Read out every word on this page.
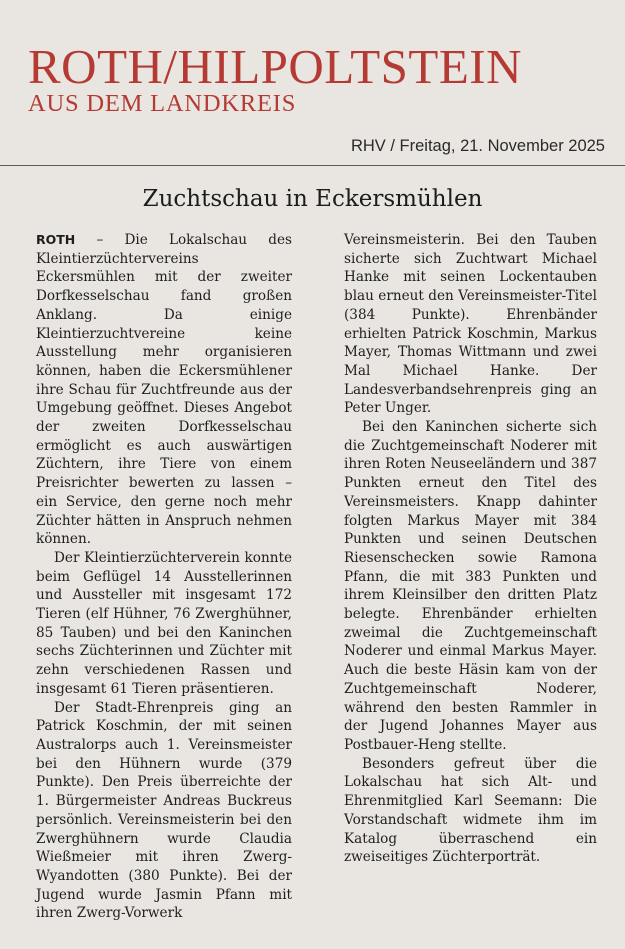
ROTH/HILPOLTSTEIN
AUS DEM LANDKREIS
RHV / Freitag, 21. November 2025
Zuchtschau in Eckersmühlen

ROTH – Die Lokalschau des Kleintierzüchtervereins Eckersmühlen mit der zweiter Dorfkesselschau fand großen Anklang. Da einige Kleintierzuchtvereine keine Ausstellung mehr organisieren können, haben die Eckersmühlener ihre Schau für Zuchtfreunde aus der Umgebung geöffnet. Dieses Angebot der zweiten Dorfkesselschau ermöglicht es auch auswärtigen Züchtern, ihre Tiere von einem Preisrichter bewerten zu lassen – ein Service, den gerne noch mehr Züchter hätten in Anspruch nehmen können.

Der Kleintierzüchterverein konnte beim Geflügel 14 Ausstellerinnen und Aussteller mit insgesamt 172 Tieren (elf Hühner, 76 Zwerghühner, 85 Tauben) und bei den Kaninchen sechs Züchterinnen und Züchter mit zehn verschiedenen Rassen und insgesamt 61 Tieren präsentieren.

Der Stadt-Ehrenpreis ging an Patrick Koschmin, der mit seinen Australorps auch 1. Vereinsmeister bei den Hühnern wurde (379 Punkte). Den Preis überreichte der 1. Bürgermeister Andreas Buckreus persönlich. Vereinsmeisterin bei den Zwerghühnern wurde Claudia Wießmeier mit ihren Zwerg-Wyandotten (380 Punkte). Bei der Jugend wurde Jasmin Pfann mit ihren Zwerg-Vorwerk

Vereinsmeisterin. Bei den Tauben sicherte sich Zuchtwart Michael Hanke mit seinen Lockentauben blau erneut den Vereinsmeister-Titel (384 Punkte). Ehrenbänder erhielten Patrick Koschmin, Markus Mayer, Thomas Wittmann und zwei Mal Michael Hanke. Der Landesverbandsehrenpreis ging an Peter Unger.

Bei den Kaninchen sicherte sich die Zuchtgemeinschaft Noderer mit ihren Roten Neuseeländern und 387 Punkten erneut den Titel des Vereinsmeisters. Knapp dahinter folgten Markus Mayer mit 384 Punkten und seinen Deutschen Riesenschecken sowie Ramona Pfann, die mit 383 Punkten und ihrem Kleinsilber den dritten Platz belegte. Ehrenbänder erhielten zweimal die Zuchtgemeinschaft Noderer und einmal Markus Mayer. Auch die beste Häsin kam von der Zuchtgemeinschaft Noderer, während den besten Rammler in der Jugend Johannes Mayer aus Postbauer-Heng stellte.

Besonders gefreut über die Lokalschau hat sich Alt- und Ehrenmitglied Karl Seemann: Die Vorstandschaft widmete ihm im Katalog überraschend ein zweiseitiges Züchterporträt.
